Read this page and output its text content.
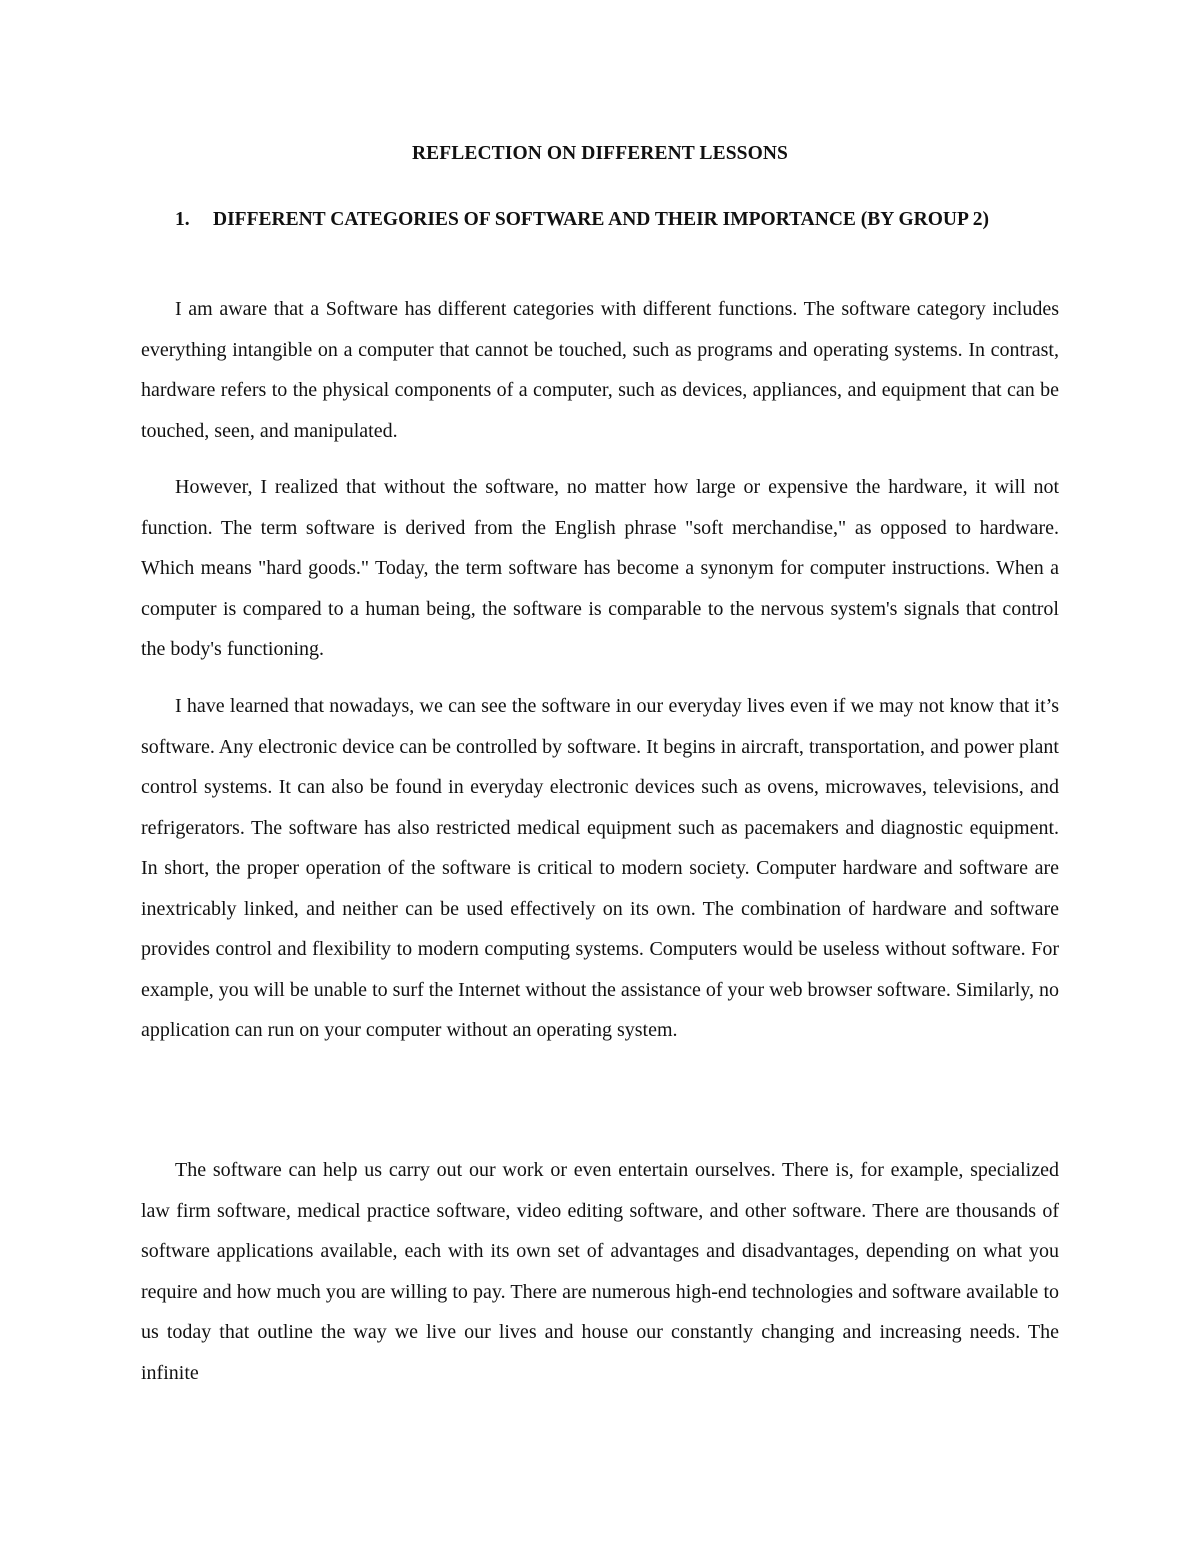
REFLECTION ON DIFFERENT LESSONS
1.	DIFFERENT CATEGORIES OF SOFTWARE AND THEIR IMPORTANCE (BY GROUP 2)

I am aware that a Software has different categories with different functions. The software category includes everything intangible on a computer that cannot be touched, such as programs and operating systems. In contrast, hardware refers to the physical components of a computer, such as devices, appliances, and equipment that can be touched, seen, and manipulated.

However, I realized that without the software, no matter how large or expensive the hardware, it will not function. The term software is derived from the English phrase "soft merchandise," as opposed to hardware. Which means "hard goods." Today, the term software has become a synonym for computer instructions. When a computer is compared to a human being, the software is comparable to the nervous system's signals that control the body's functioning.

I have learned that nowadays, we can see the software in our everyday lives even if we may not know that it’s software. Any electronic device can be controlled by software. It begins in aircraft, transportation, and power plant control systems. It can also be found in everyday electronic devices such as ovens, microwaves, televisions, and refrigerators. The software has also restricted medical equipment such as pacemakers and diagnostic equipment. In short, the proper operation of the software is critical to modern society. Computer hardware and software are inextricably linked, and neither can be used effectively on its own. The combination of hardware and software provides control and flexibility to modern computing systems. Computers would be useless without software. For example, you will be unable to surf the Internet without the assistance of your web browser software. Similarly, no application can run on your computer without an operating system.

The software can help us carry out our work or even entertain ourselves. There is, for example, specialized law firm software, medical practice software, video editing software, and other software. There are thousands of software applications available, each with its own set of advantages and disadvantages, depending on what you require and how much you are willing to pay. There are numerous high-end technologies and software available to us today that outline the way we live our lives and house our constantly changing and increasing needs. The infinite
